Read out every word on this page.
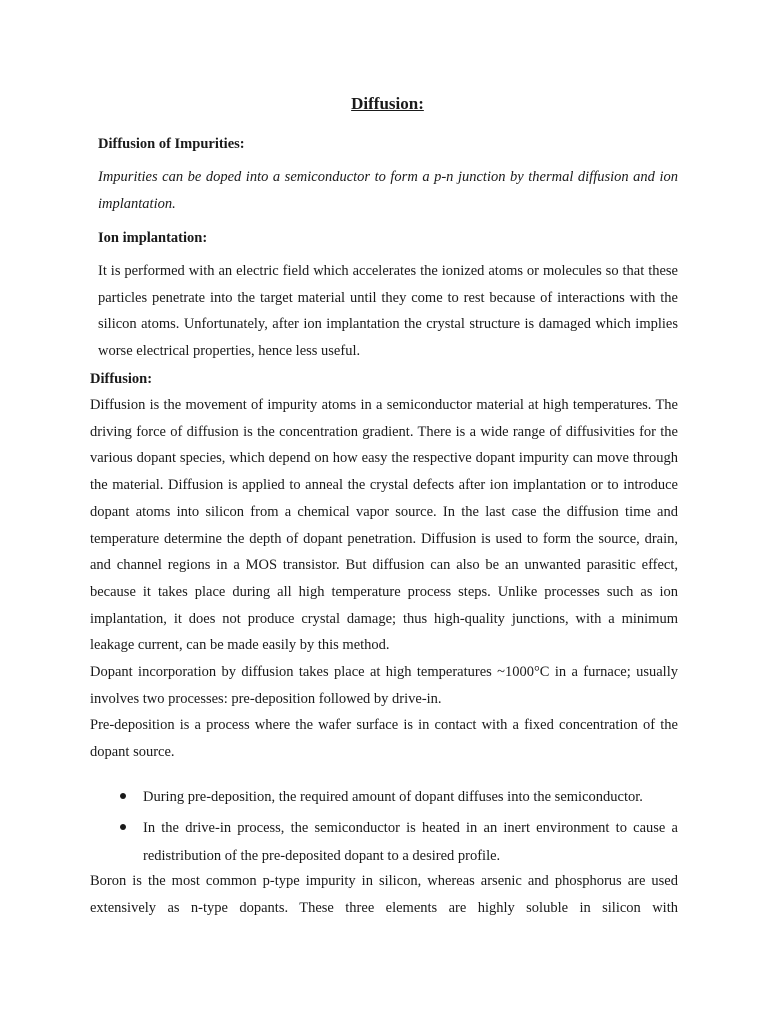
Diffusion:
Diffusion of Impurities:
Impurities can be doped into a semiconductor to form a p-n junction by thermal diffusion and ion implantation.
Ion implantation:
It is performed with an electric field which accelerates the ionized atoms or molecules so that these particles penetrate into the target material until they come to rest because of interactions with the silicon atoms. Unfortunately, after ion implantation the crystal structure is damaged which implies worse electrical properties, hence less useful.
Diffusion:
Diffusion is the movement of impurity atoms in a semiconductor material at high temperatures. The driving force of diffusion is the concentration gradient. There is a wide range of diffusivities for the various dopant species, which depend on how easy the respective dopant impurity can move through the material. Diffusion is applied to anneal the crystal defects after ion implantation or to introduce dopant atoms into silicon from a chemical vapor source. In the last case the diffusion time and temperature determine the depth of dopant penetration. Diffusion is used to form the source, drain, and channel regions in a MOS transistor. But diffusion can also be an unwanted parasitic effect, because it takes place during all high temperature process steps. Unlike processes such as ion implantation, it does not produce crystal damage; thus high-quality junctions, with a minimum leakage current, can be made easily by this method.
Dopant incorporation by diffusion takes place at high temperatures ~1000°C in a furnace; usually involves two processes: pre-deposition followed by drive-in.
Pre-deposition is a process where the wafer surface is in contact with a fixed concentration of the dopant source.
During pre-deposition, the required amount of dopant diffuses into the semiconductor.
In the drive-in process, the semiconductor is heated in an inert environment to cause a redistribution of the pre-deposited dopant to a desired profile.
Boron is the most common p-type impurity in silicon, whereas arsenic and phosphorus are used extensively as n-type dopants. These three elements are highly soluble in silicon with
